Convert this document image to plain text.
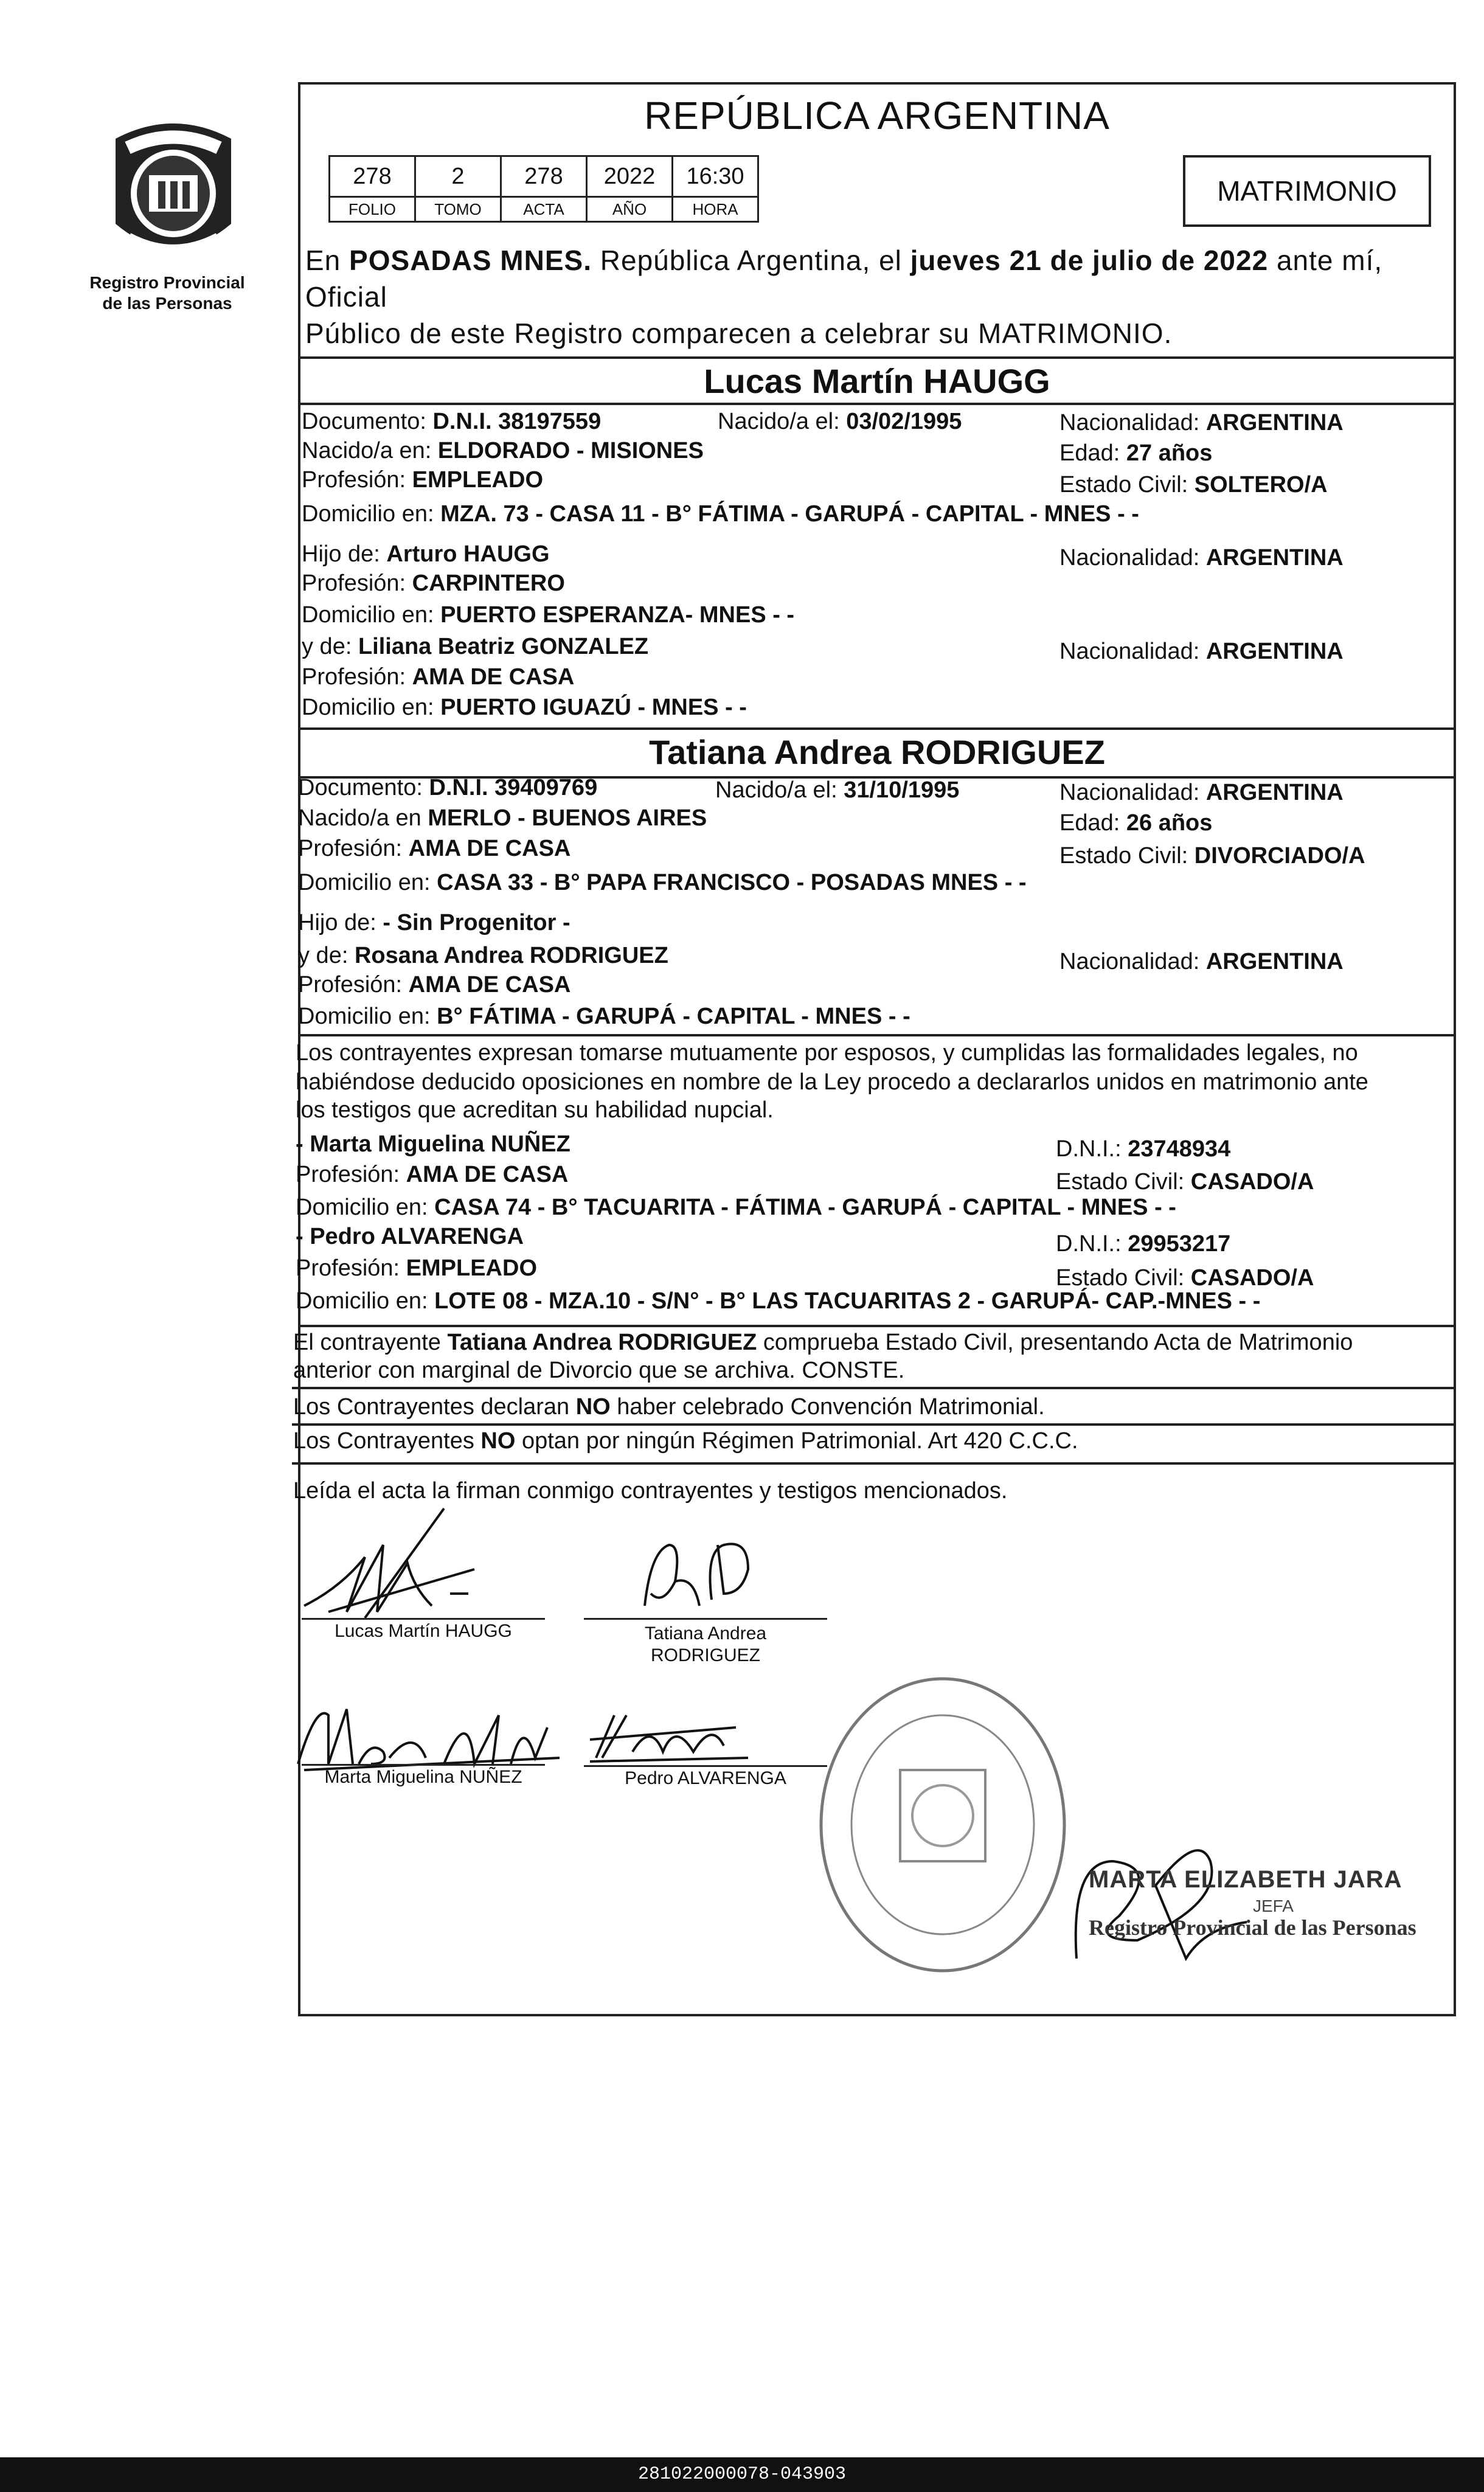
Registro Provincial
de las Personas
REPÚBLICA ARGENTINA
278	2	278	2022	16:30
FOLIO	TOMO	ACTA	AÑO	HORA
MATRIMONIO
En POSADAS MNES. República Argentina, el jueves 21 de julio de 2022 ante mí, Oficial
Público de este Registro comparecen a celebrar su MATRIMONIO.
Lucas Martín HAUGG
Documento: D.N.I. 38197559	Nacido/a el: 03/02/1995	Nacionalidad: ARGENTINA
Nacido/a en: ELDORADO - MISIONES	Edad: 27 años
Profesión: EMPLEADO	Estado Civil: SOLTERO/A
Domicilio en: MZA. 73 - CASA 11 - B° FÁTIMA - GARUPÁ - CAPITAL - MNES - -
Hijo de: Arturo HAUGG	Nacionalidad: ARGENTINA
Profesión: CARPINTERO
Domicilio en: PUERTO ESPERANZA- MNES - -
y de: Liliana Beatriz GONZALEZ	Nacionalidad: ARGENTINA
Profesión: AMA DE CASA
Domicilio en: PUERTO IGUAZÚ - MNES - -
Tatiana Andrea RODRIGUEZ
Documento: D.N.I. 39409769	Nacido/a el: 31/10/1995	Nacionalidad: ARGENTINA
Nacido/a en MERLO - BUENOS AIRES	Edad: 26 años
Profesión: AMA DE CASA	Estado Civil: DIVORCIADO/A
Domicilio en: CASA 33 - B° PAPA FRANCISCO - POSADAS MNES - -
Hijo de: - Sin Progenitor -
y de: Rosana Andrea RODRIGUEZ	Nacionalidad: ARGENTINA
Profesión: AMA DE CASA
Domicilio en: B° FÁTIMA - GARUPÁ - CAPITAL - MNES - -
Los contrayentes expresan tomarse mutuamente por esposos, y cumplidas las formalidades legales, no
habiéndose deducido oposiciones en nombre de la Ley procedo a declararlos unidos en matrimonio ante
los testigos que acreditan su habilidad nupcial.
- Marta Miguelina NUÑEZ	D.N.I.: 23748934
Profesión: AMA DE CASA	Estado Civil: CASADO/A
Domicilio en: CASA 74 - B° TACUARITA - FÁTIMA - GARUPÁ - CAPITAL - MNES - -
- Pedro ALVARENGA	D.N.I.: 29953217
Profesión: EMPLEADO	Estado Civil: CASADO/A
Domicilio en: LOTE 08 - MZA.10 - S/N° - B° LAS TACUARITAS 2 - GARUPÁ- CAP.-MNES - -
El contrayente Tatiana Andrea RODRIGUEZ comprueba Estado Civil, presentando Acta de Matrimonio
anterior con marginal de Divorcio que se archiva. CONSTE.
Los Contrayentes declaran NO haber celebrado Convención Matrimonial.
Los Contrayentes NO optan por ningún Régimen Patrimonial. Art 420 C.C.C.
Leída el acta la firman conmigo contrayentes y testigos mencionados.
Lucas Martín HAUGG	Tatiana Andrea
RODRIGUEZ
Marta Miguelina NUÑEZ	Pedro ALVARENGA
MARTA ELIZABETH JARA
JEFA
Registro Provincial de las Personas
281022000078-043903
